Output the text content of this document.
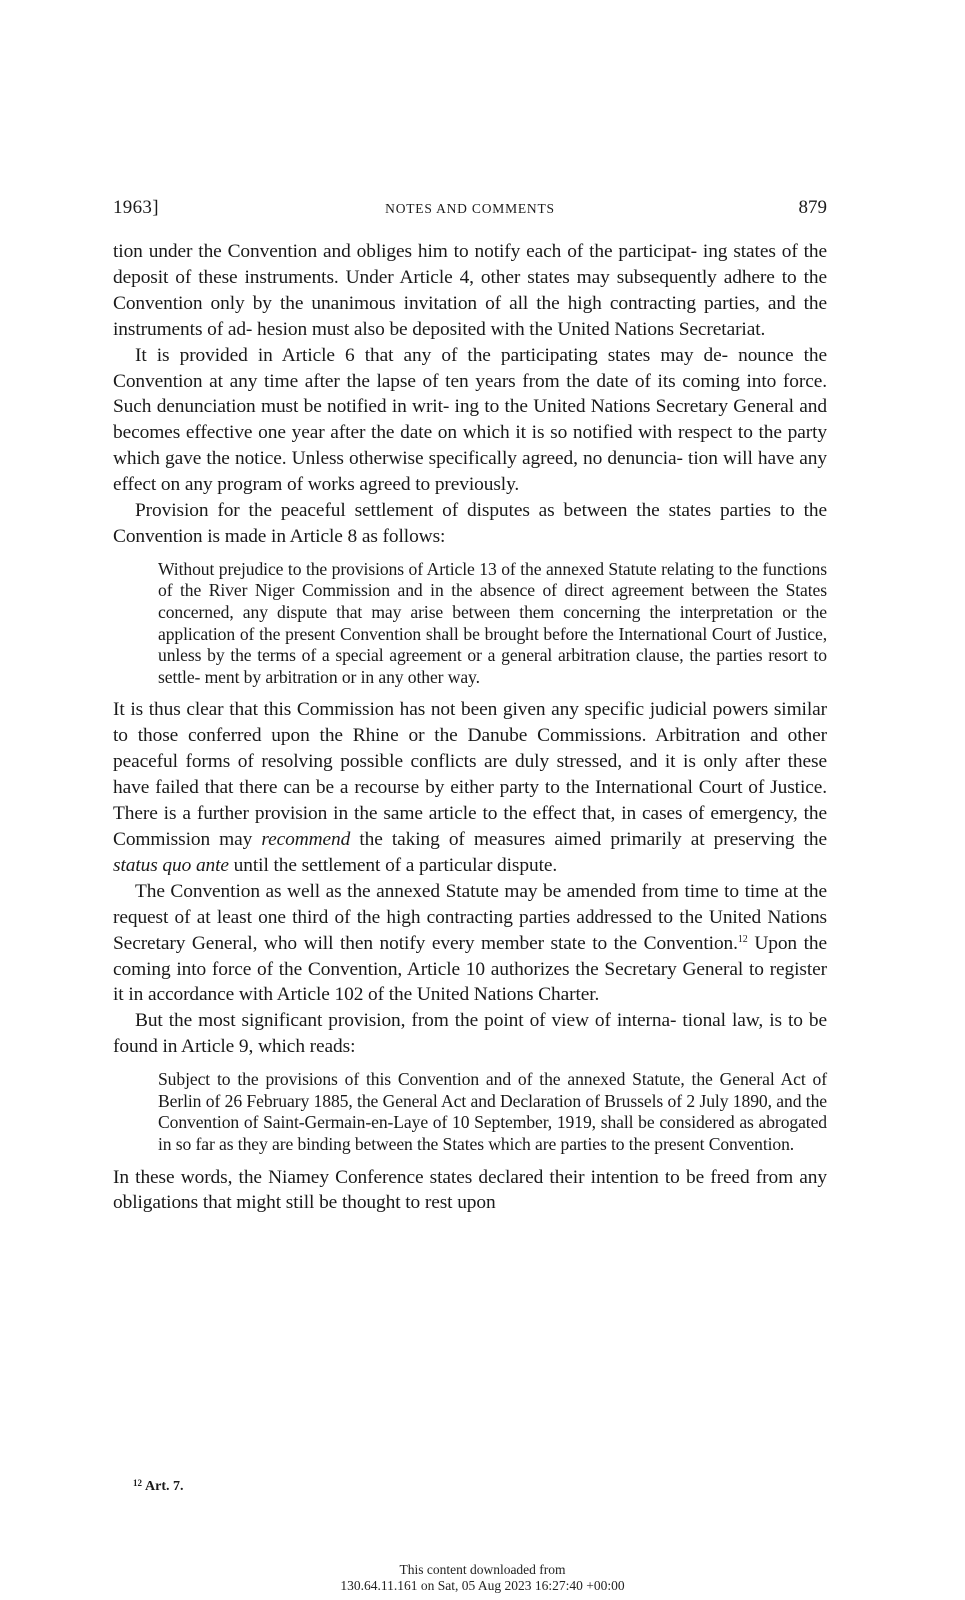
1963]	NOTES AND COMMENTS	879

tion under the Convention and obliges him to notify each of the participat- ing states of the deposit of these instruments. Under Article 4, other states may subsequently adhere to the Convention only by the unanimous invitation of all the high contracting parties, and the instruments of ad- hesion must also be deposited with the United Nations Secretariat.

It is provided in Article 6 that any of the participating states may de- nounce the Convention at any time after the lapse of ten years from the date of its coming into force. Such denunciation must be notified in writ- ing to the United Nations Secretary General and becomes effective one year after the date on which it is so notified with respect to the party which gave the notice. Unless otherwise specifically agreed, no denuncia- tion will have any effect on any program of works agreed to previously.

Provision for the peaceful settlement of disputes as between the states parties to the Convention is made in Article 8 as follows:

Without prejudice to the provisions of Article 13 of the annexed Statute relating to the functions of the River Niger Commission and in the absence of direct agreement between the States concerned, any dispute that may arise between them concerning the interpretation or the application of the present Convention shall be brought before the International Court of Justice, unless by the terms of a special agreement or a general arbitration clause, the parties resort to settle- ment by arbitration or in any other way.

It is thus clear that this Commission has not been given any specific judicial powers similar to those conferred upon the Rhine or the Danube Commissions. Arbitration and other peaceful forms of resolving possible conflicts are duly stressed, and it is only after these have failed that there can be a recourse by either party to the International Court of Justice. There is a further provision in the same article to the effect that, in cases of emergency, the Commission may recommend the taking of measures aimed primarily at preserving the status quo ante until the settlement of a particular dispute.

The Convention as well as the annexed Statute may be amended from time to time at the request of at least one third of the high contracting parties addressed to the United Nations Secretary General, who will then notify every member state to the Convention.$^{12}$ Upon the coming into force of the Convention, Article 10 authorizes the Secretary General to register it in accordance with Article 102 of the United Nations Charter.

But the most significant provision, from the point of view of interna- tional law, is to be found in Article 9, which reads:

Subject to the provisions of this Convention and of the annexed Statute, the General Act of Berlin of 26 February 1885, the General Act and Declaration of Brussels of 2 July 1890, and the Convention of Saint-Germain-en-Laye of 10 September, 1919, shall be considered as abrogated in so far as they are binding between the States which are parties to the present Convention.

In these words, the Niamey Conference states declared their intention to be freed from any obligations that might still be thought to rest upon

$^{12}$ Art. 7.
This content downloaded from
130.64.11.161 on Sat, 05 Aug 2023 16:27:40 +00:00
